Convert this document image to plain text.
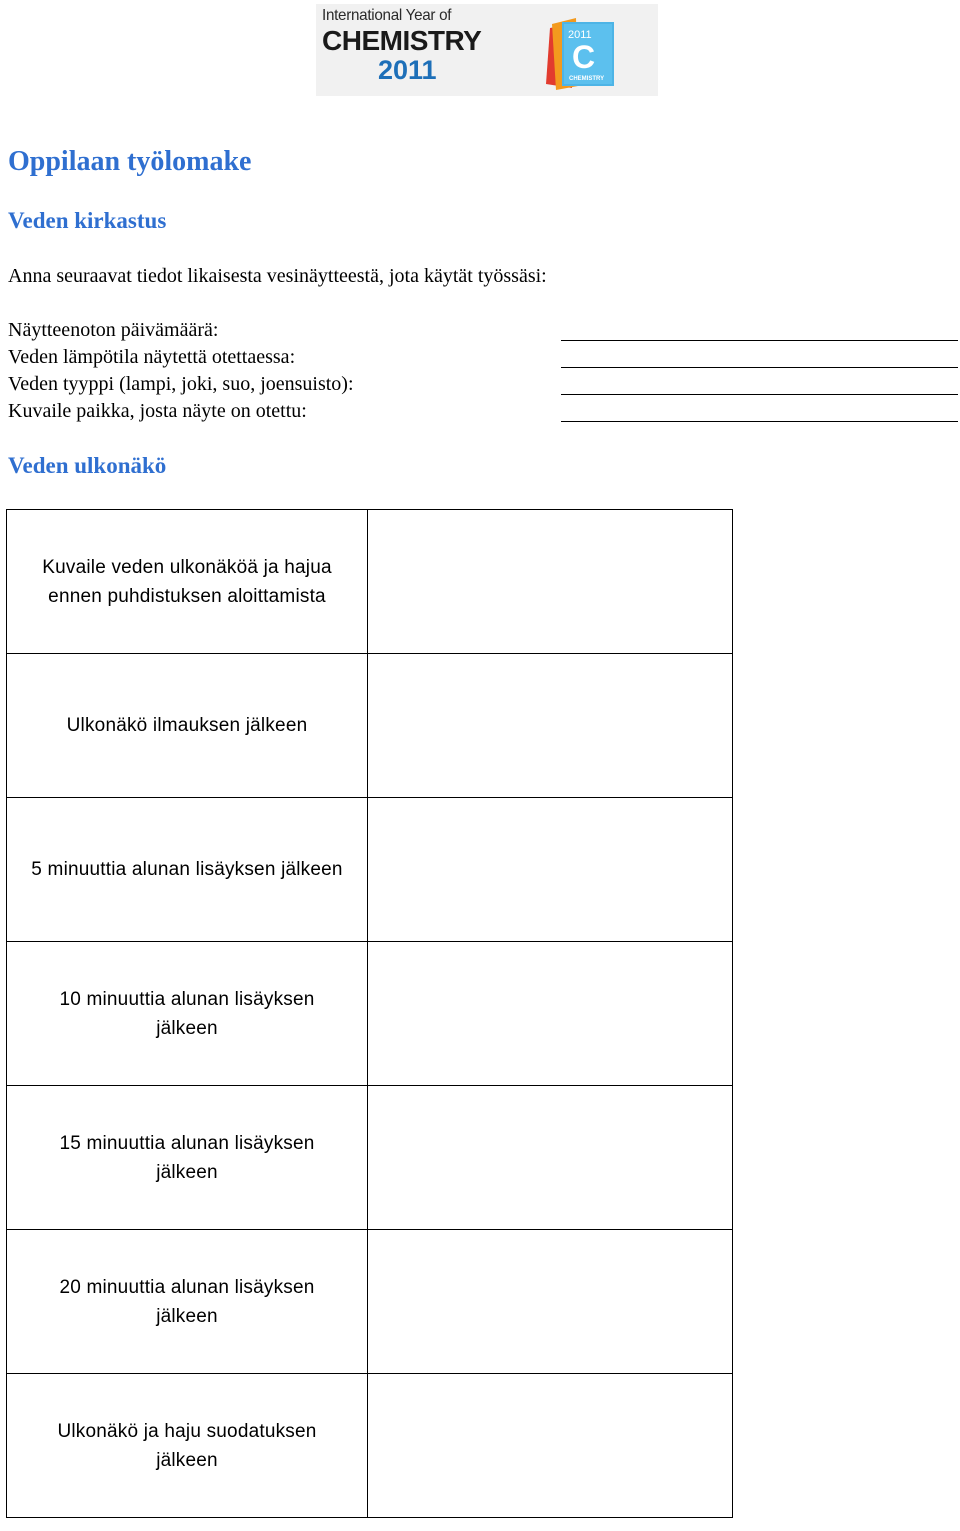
International Year of
CHEMISTRY
2011
2011
C
CHEMISTRY
Oppilaan työlomake
Veden kirkastus

Anna seuraavat tiedot likaisesta vesinäytteestä, jota käytät työssäsi:

Näytteenoton päivämäärä:
Veden lämpötila näytettä otettaessa:
Veden tyyppi (lampi, joki, suo, joensuisto):
Kuvaile paikka, josta näyte on otettu:
Veden ulkonäkö
Kuvaile veden ulkonäköä ja hajua
ennen puhdistuksen aloittamista	
Ulkonäkö ilmauksen jälkeen	
5 minuuttia alunan lisäyksen jälkeen	
10 minuuttia alunan lisäyksen
jälkeen	
15 minuuttia alunan lisäyksen
jälkeen	
20 minuuttia alunan lisäyksen
jälkeen	
Ulkonäkö ja haju suodatuksen
jälkeen	
